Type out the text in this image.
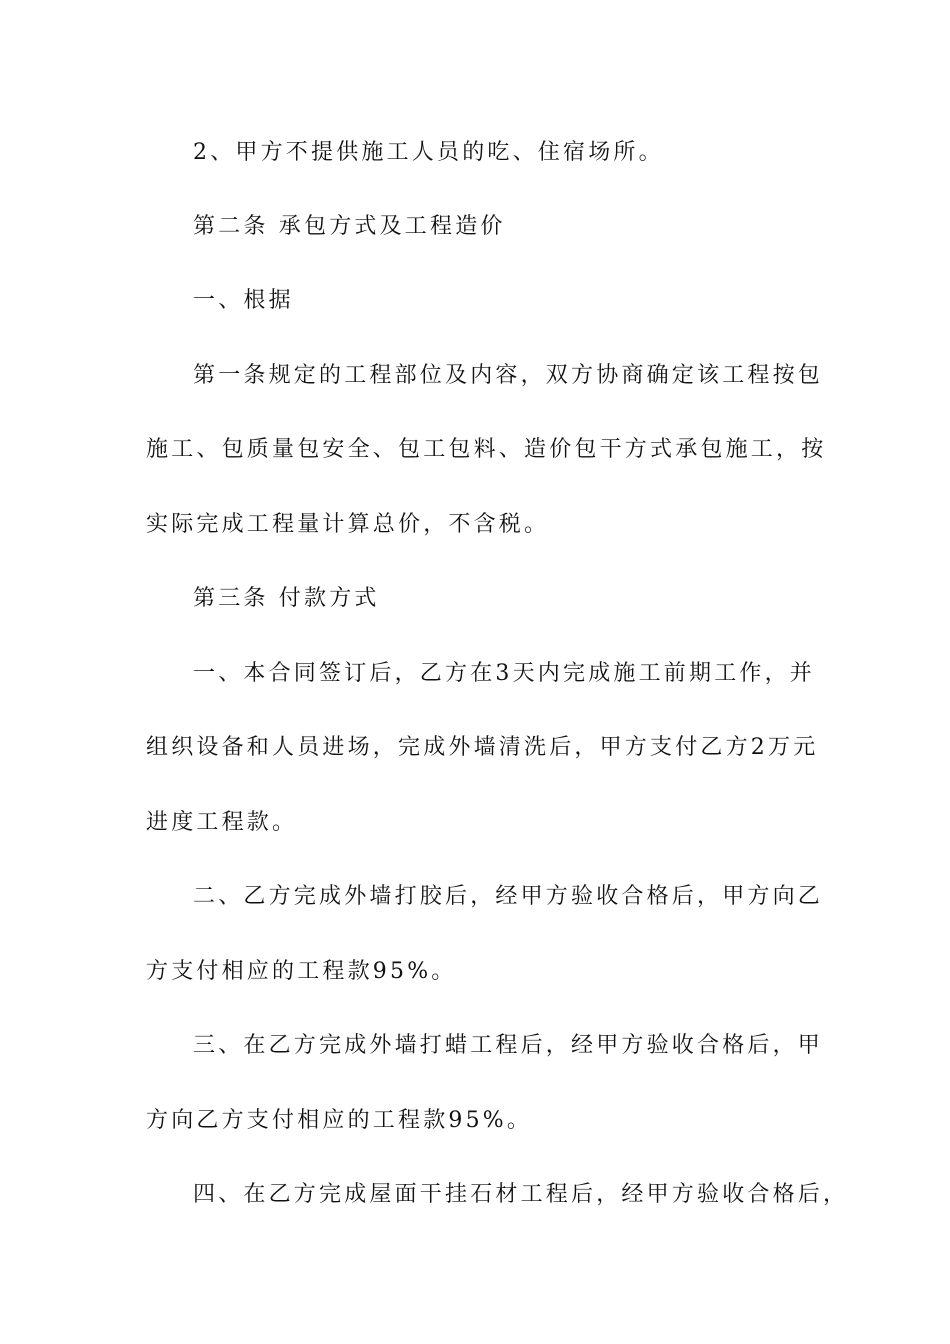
2、甲方不提供施工人员的吃、住宿场所。
第二条 承包方式及工程造价
一、根据
第一条规定的工程部位及内容，双方协商确定该工程按包
施工、包质量包安全、包工包料、造价包干方式承包施工，按
实际完成工程量计算总价，不含税。
第三条 付款方式
一、本合同签订后，乙方在3天内完成施工前期工作，并
组织设备和人员进场，完成外墙清洗后，甲方支付乙方2万元
进度工程款。
二、乙方完成外墙打胶后，经甲方验收合格后，甲方向乙
方支付相应的工程款95%。
三、在乙方完成外墙打蜡工程后，经甲方验收合格后，甲
方向乙方支付相应的工程款95%。
四、在乙方完成屋面干挂石材工程后，经甲方验收合格后，
